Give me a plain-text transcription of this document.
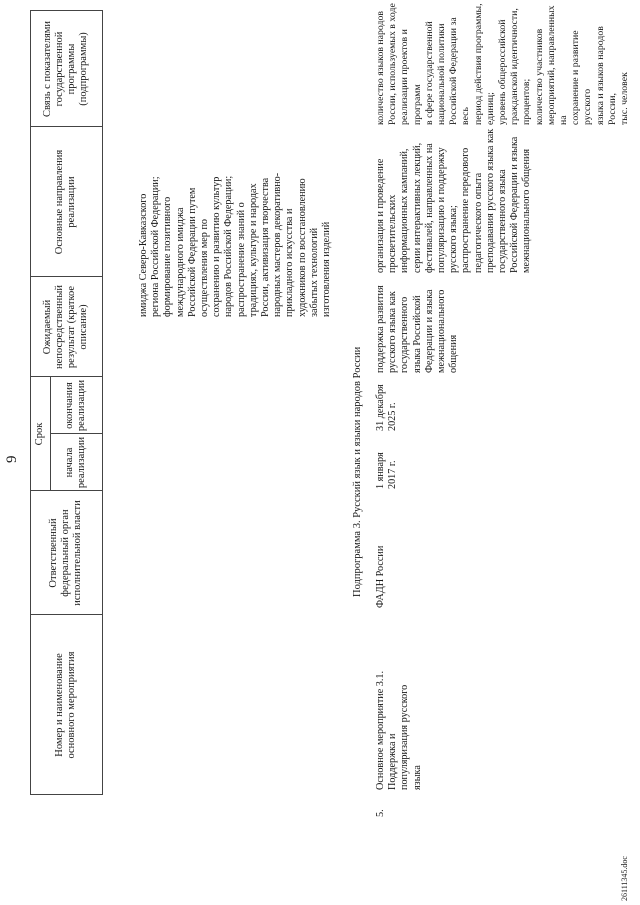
9
Номер и наименование
основного мероприятия
Ответственный
федеральный орган
исполнительной власти
Срок
начала
реализации
окончания
реализации
Ожидаемый
непосредственный
результат (краткое
описание)
Основные направления
реализации
Связь с показателями
государственной программы
(подпрограммы)
имиджа Северо-Кавказского
региона Российской Федерации;
формирование позитивного
международного имиджа
Российской Федерации путем
осуществления мер по
сохранению и развитию культур
народов Российской Федерации;
распространение знаний о
традициях, культуре и народах
России, активизация творчества
народных мастеров декоративно-
прикладного искусства и
художников по восстановлению
забытых технологий
изготовления изделий
Подпрограмма 3. Русский язык и языки народов России
5.
Основное мероприятие 3.1.
Поддержка и
популяризация русского
языка
ФАДН России
1 января
2017 г.
31 декабря
2025 г.
поддержка развития
русского языка как
государственного
языка Российской
Федерации и языка
межнационального
общения
организация и проведение
просветительских
информационных кампаний,
серии интерактивных лекций,
фестивалей, направленных на
популяризацию и поддержку
русского языка;
распространение передового
педагогического опыта
преподавания русского языка как
государственного языка
Российской Федерации и языка
межнационального общения
количество языков народов
России, используемых в ходе
реализации проектов и программ
в сфере государственной
национальной политики
Российской Федерации за весь
период действия программы,
единиц;
уровень общероссийской
гражданской идентичности,
процентов;
количество участников
мероприятий, направленных на
сохранение и развитие русского
языка и языков народов России,
тыс. человек
26111345.doc
